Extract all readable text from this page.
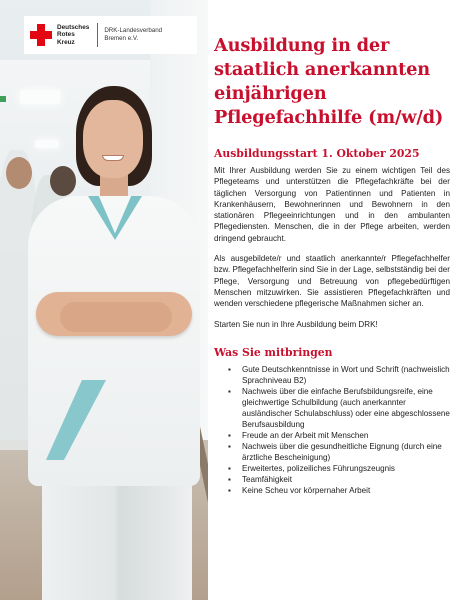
Deutsches
Rotes
Kreuz
DRK-Landesverband
Bremen e.V.	Ausbildung in der
staatlich anerkannten
einjährigen
Pflegefachhilfe (m/w/d)
Ausbildungsstart 1. Oktober 2025

Mit Ihrer Ausbildung werden Sie zu einem wichtigen Teil des Pflegeteams und unterstützen die Pflegefachkräfte bei der täglichen Versorgung von Patientinnen und Patienten in Krankenhäusern, Bewohnerinnen und Bewohnern in den stationären Pflegeeinrichtungen und in den ambulanten Pflegediensten. Menschen, die in der Pflege arbeiten, werden dringend gebraucht.

Als ausgebildete/r und staatlich anerkannte/r Pflegefachhelfer bzw. Pflegefachhelferin sind Sie in der Lage, selbstständig bei der Pflege, Versorgung und Betreuung von pflegebedürftigen Menschen mitzuwirken. Sie assistieren Pflegefachkräften und wenden verschiedene pflegerische Maßnahmen sicher an.

Starten Sie nun in Ihre Ausbildung beim DRK!

Was Sie mitbringen
▪ Gute Deutschkenntnisse in Wort und Schrift (nachweislich Sprachniveau B2)
▪ Nachweis über die einfache Berufsbildungsreife, eine gleichwertige Schulbildung (auch anerkannter ausländischer Schulabschluss) oder eine abgeschlossene Berufsausbildung
▪ Freude an der Arbeit mit Menschen
▪ Nachweis über die gesundheitliche Eignung (durch eine ärztliche Bescheinigung)
▪ Erweitertes, polizeiliches Führungszeugnis
▪ Teamfähigkeit
▪ Keine Scheu vor körpernaher Arbeit
